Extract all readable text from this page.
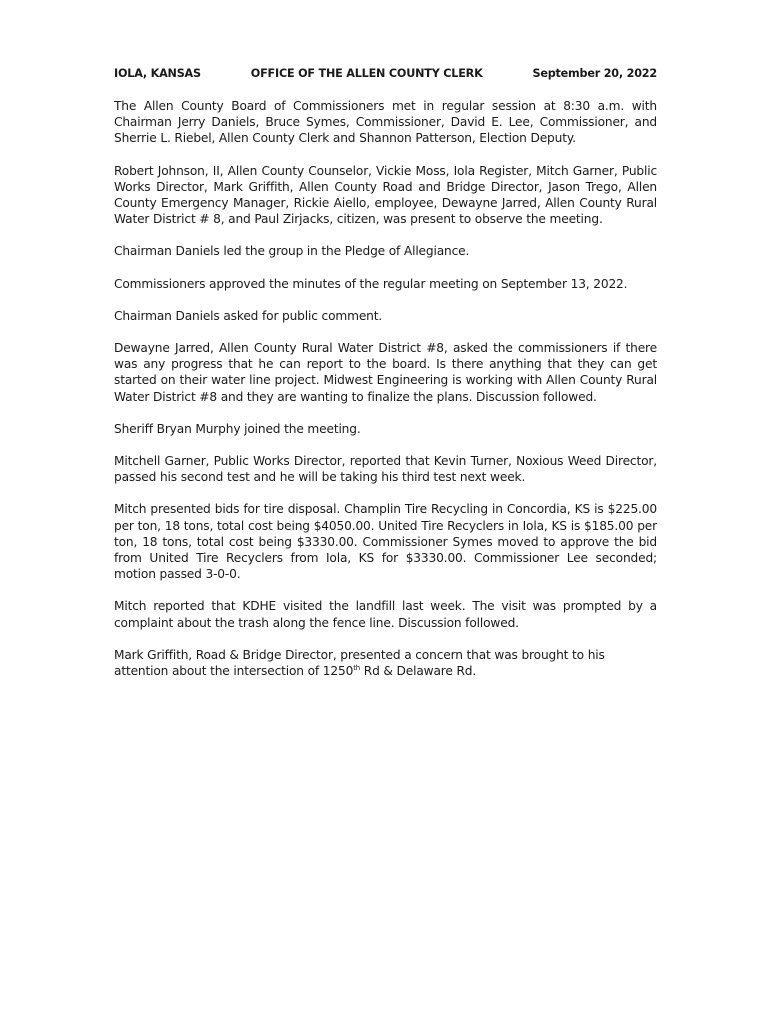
IOLA, KANSAS	OFFICE OF THE ALLEN COUNTY CLERK	September 20, 2022

The Allen County Board of Commissioners met in regular session at 8:30 a.m. with Chairman Jerry Daniels, Bruce Symes, Commissioner, David E. Lee, Commissioner, and Sherrie L. Riebel, Allen County Clerk and Shannon Patterson, Election Deputy.

Robert Johnson, II, Allen County Counselor, Vickie Moss, Iola Register, Mitch Garner, Public Works Director, Mark Griffith, Allen County Road and Bridge Director, Jason Trego, Allen County Emergency Manager, Rickie Aiello, employee, Dewayne Jarred, Allen County Rural Water District # 8, and Paul Zirjacks, citizen, was present to observe the meeting.

Chairman Daniels led the group in the Pledge of Allegiance.

Commissioners approved the minutes of the regular meeting on September 13, 2022.

Chairman Daniels asked for public comment.

Dewayne Jarred, Allen County Rural Water District #8, asked the commissioners if there was any progress that he can report to the board. Is there anything that they can get started on their water line project. Midwest Engineering is working with Allen County Rural Water District #8 and they are wanting to finalize the plans. Discussion followed.

Sheriff Bryan Murphy joined the meeting.

Mitchell Garner, Public Works Director, reported that Kevin Turner, Noxious Weed Director, passed his second test and he will be taking his third test next week.

Mitch presented bids for tire disposal. Champlin Tire Recycling in Concordia, KS is $225.00 per ton, 18 tons, total cost being $4050.00. United Tire Recyclers in Iola, KS is $185.00 per ton, 18 tons, total cost being $3330.00. Commissioner Symes moved to approve the bid from United Tire Recyclers from Iola, KS for $3330.00. Commissioner Lee seconded; motion passed 3-0-0.

Mitch reported that KDHE visited the landfill last week. The visit was prompted by a complaint about the trash along the fence line. Discussion followed.

Mark Griffith, Road & Bridge Director, presented a concern that was brought to his attention about the intersection of 1250th Rd & Delaware Rd.
